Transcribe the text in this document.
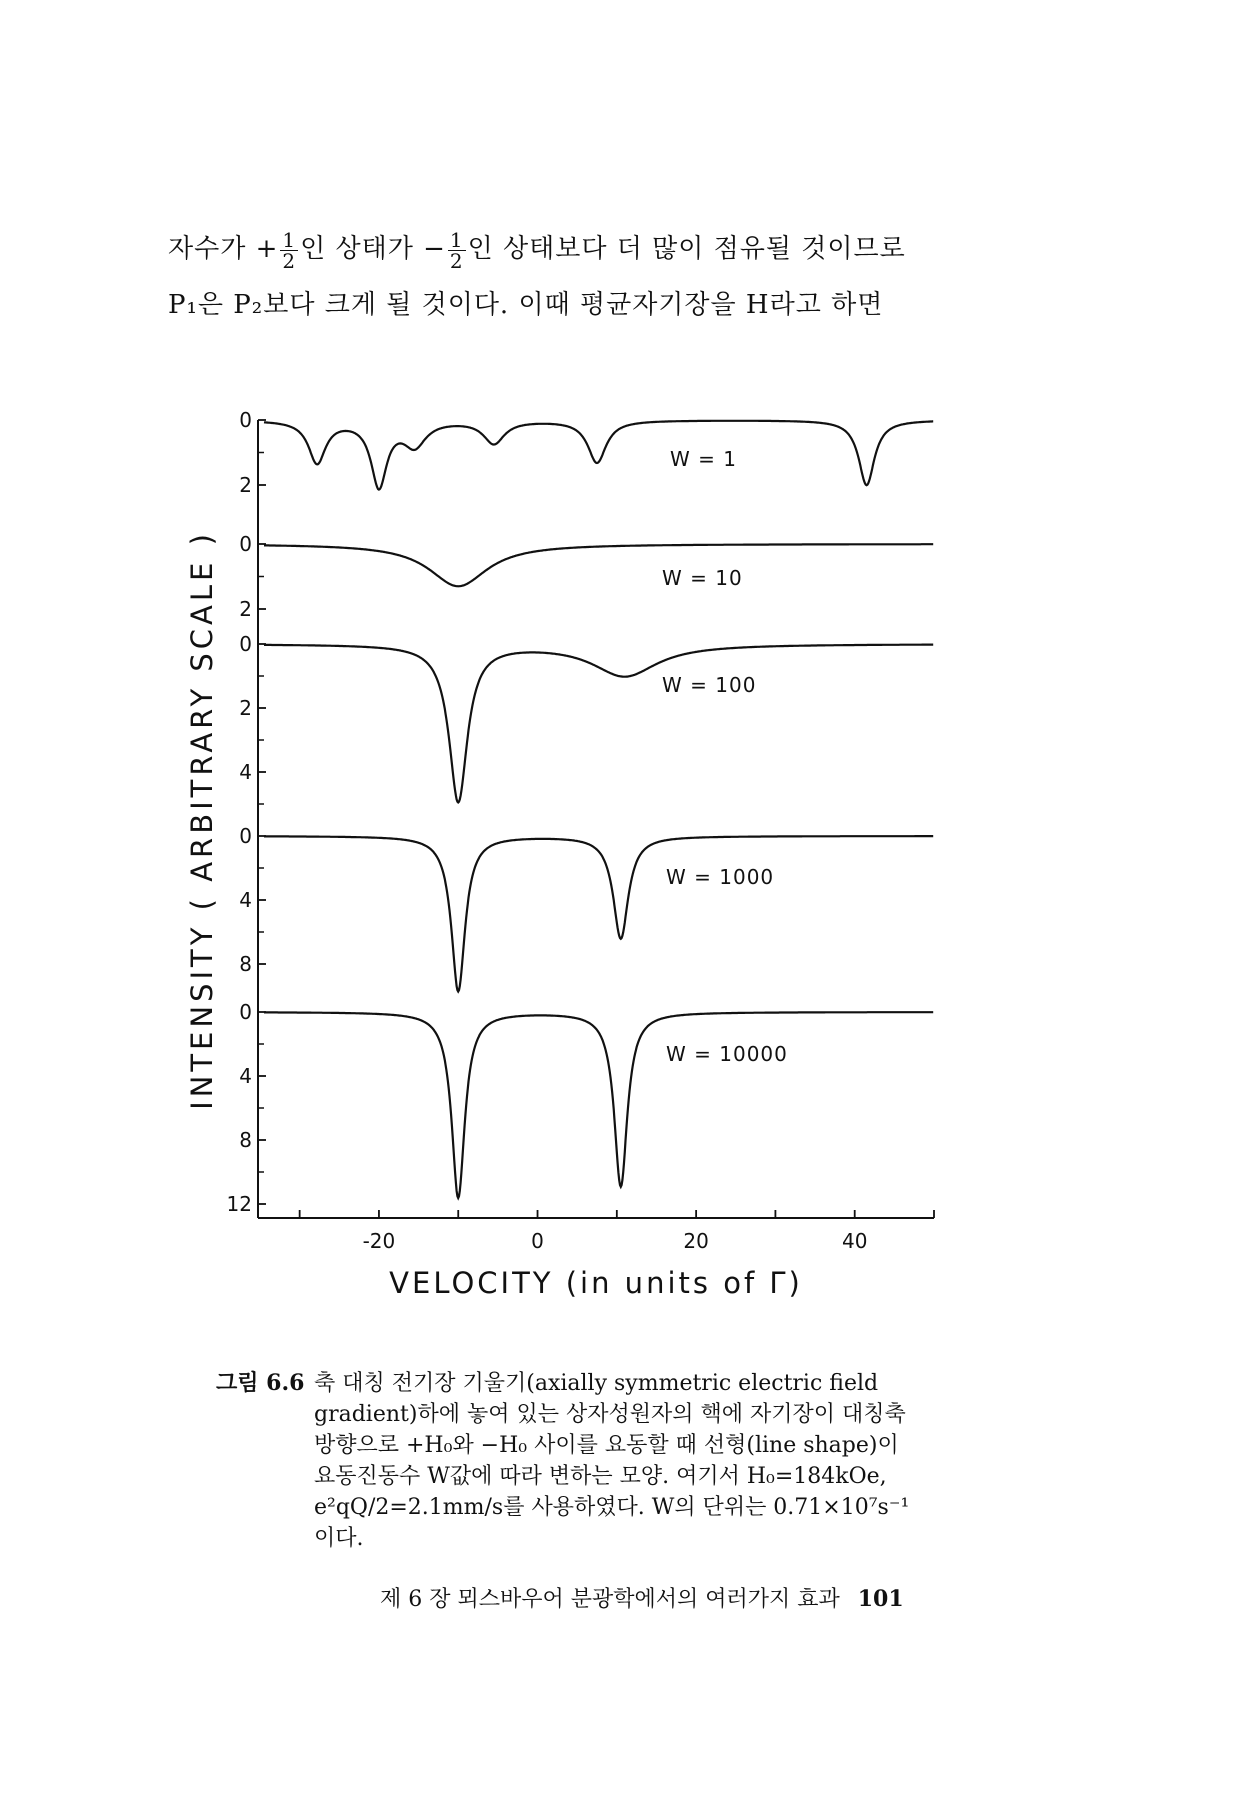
자수가 + $\frac{1}{2}$ 인 상태가 − $\frac{1}{2}$ 인 상태보다 더 많이 점유될 것이므로
P₁은 P₂보다 크게 될 것이다. 이때 평균자기장을 H라고 하면
-20	0	20	40
VELOCITY (in units of Γ)
INTENSITY ( ARBITRARY SCALE )
0
2
W = 1
0
2
W = 10
0
2
4
W = 100
0
4
8
W = 1000
0
4
8
12
W = 10000
그림 6.6 축 대칭 전기장 기울기(axially symmetric electric field
gradient)하에 놓여 있는 상자성원자의 핵에 자기장이 대칭축
방향으로 +H₀와 −H₀ 사이를 요동할 때 선형(line shape)이
요동진동수 W값에 따라 변하는 모양. 여기서 H₀=184kOe,
e²qQ/2=2.1mm/s를 사용하였다. W의 단위는 0.71×10⁷s⁻¹
이다.
제 6 장 뫼스바우어 분광학에서의 여러가지 효과 101
